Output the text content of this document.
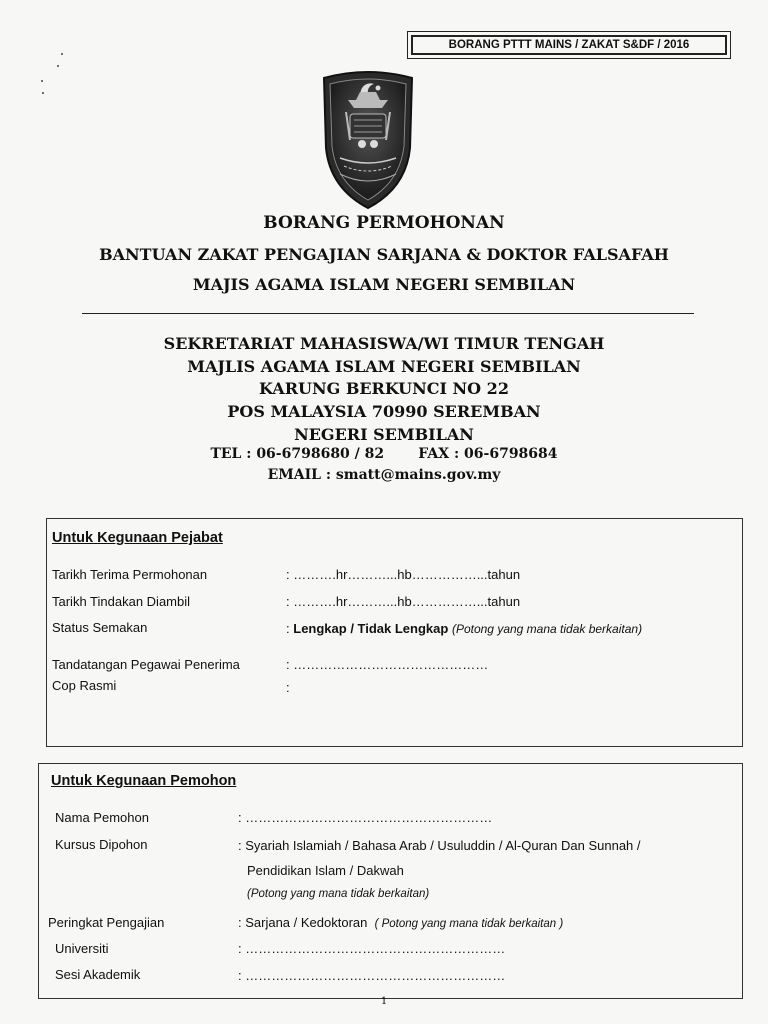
BORANG PTTT MAINS / ZAKAT S&DF / 2016
BORANG PERMOHONAN
BANTUAN ZAKAT PENGAJIAN SARJANA & DOKTOR FALSAFAH
MAJIS AGAMA ISLAM NEGERI SEMBILAN
SEKRETARIAT MAHASISWA/WI TIMUR TENGAH
MAJLIS AGAMA ISLAM NEGERI SEMBILAN
KARUNG BERKUNCI NO 22
POS MALAYSIA 70990 SEREMBAN
NEGERI SEMBILAN
TEL : 06-6798680 / 82 FAX : 06-6798684
EMAIL : smatt@mains.gov.my
Untuk Kegunaan Pejabat
Tarikh Terima Permohonan	: ……….hr………...hb……………...tahun
Tarikh Tindakan Diambil	: ……….hr………...hb……………...tahun
Status Semakan	: Lengkap / Tidak Lengkap (Potong yang mana tidak berkaitan)
Tandatangan Pegawai Penerima	: ………………………………………
Cop Rasmi	:
Untuk Kegunaan Pemohon
Nama Pemohon	: …………………………………………………
Kursus Dipohon	: Syariah Islamiah / Bahasa Arab / Usuluddin / Al-Quran Dan Sunnah /
Pendidikan Islam / Dakwah
(Potong yang mana tidak berkaitan)
Peringkat Pengajian	: Sarjana / Kedoktoran ( Potong yang mana tidak berkaitan )
Universiti	: ……………………………………………………
Sesi Akademik	: ……………………………………………………
1
